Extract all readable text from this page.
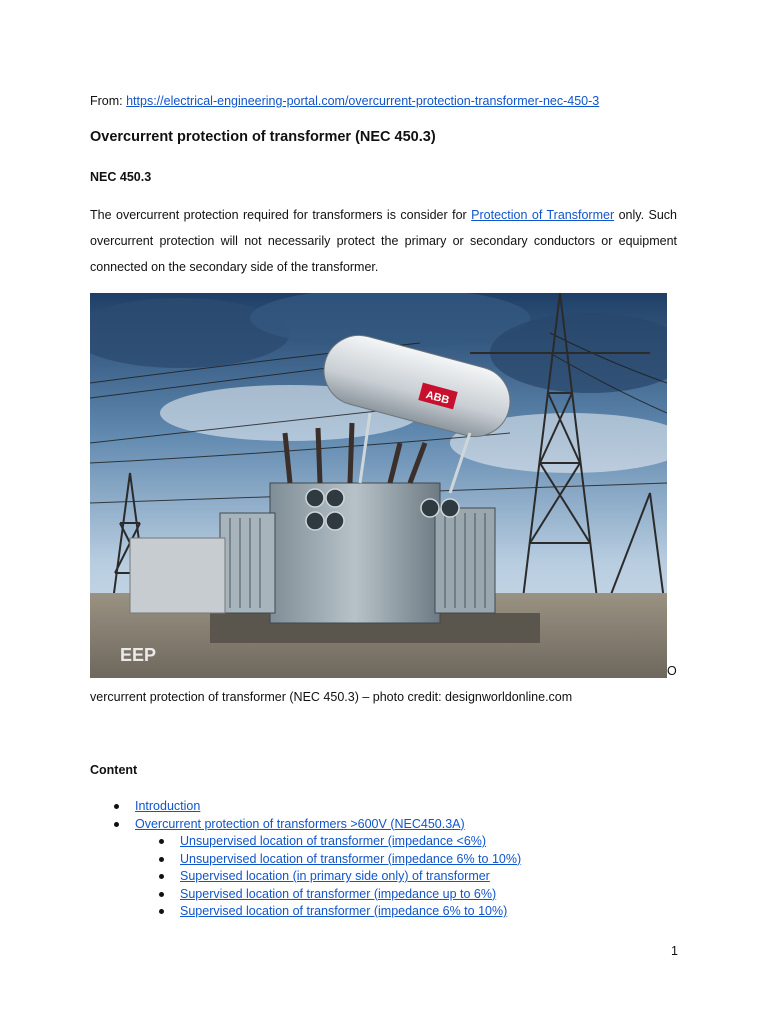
From: https://electrical-engineering-portal.com/overcurrent-protection-transformer-nec-450-3
Overcurrent protection of transformer (NEC 450.3)
NEC 450.3
The overcurrent protection required for transformers is consider for Protection of Transformer only. Such overcurrent protection will not necessarily protect the primary or secondary conductors or equipment connected on the secondary side of the transformer.
ABB
EEP
O
vercurrent protection of transformer (NEC 450.3) – photo credit: designworldonline.com
Content
Introduction
Overcurrent protection of transformers >600V (NEC450.3A)
Unsupervised location of transformer (impedance <6%)
Unsupervised location of transformer (impedance 6% to 10%)
Supervised location (in primary side only) of transformer
Supervised location of transformer (impedance up to 6%)
Supervised location of transformer (impedance 6% to 10%)
1
